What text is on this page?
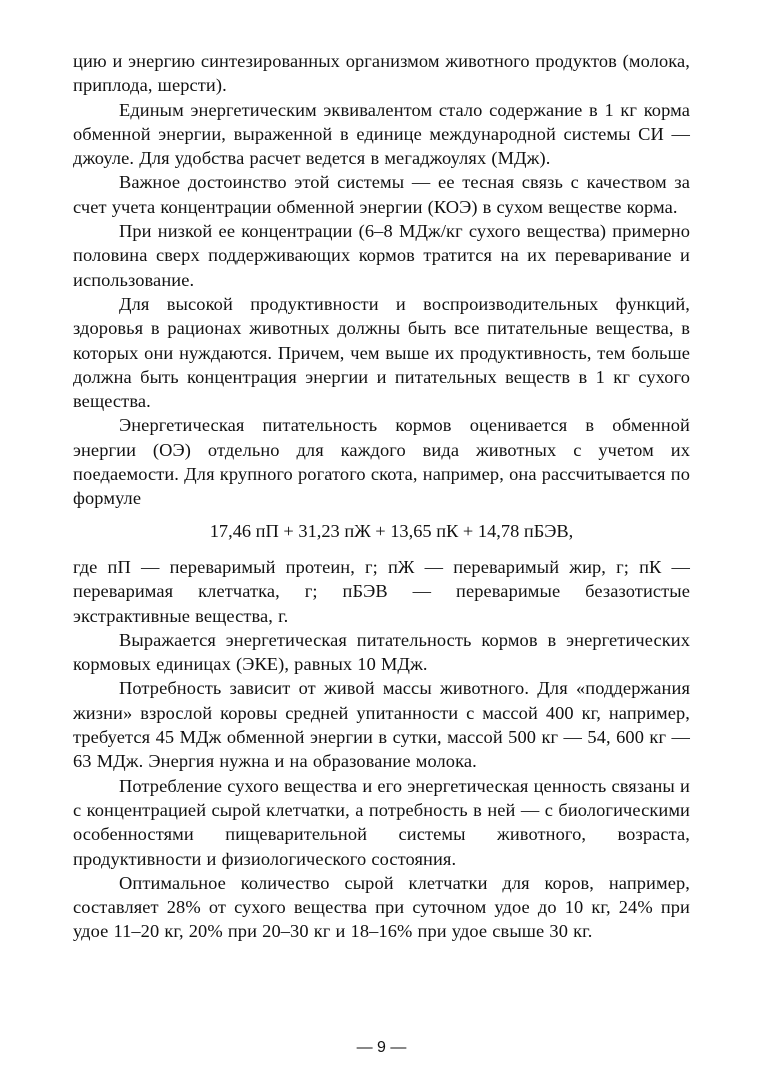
цию и энергию синтезированных организмом животного продуктов (молока, приплода, шерсти).

Единым энергетическим эквивалентом стало содержание в 1 кг корма обменной энергии, выраженной в единице международной системы СИ — джоуле. Для удобства расчет ведется в мегаджоулях (МДж).

Важное достоинство этой системы — ее тесная связь с качеством за счет учета концентрации обменной энергии (КОЭ) в сухом веществе корма.

При низкой ее концентрации (6–8 МДж/кг сухого вещества) примерно половина сверх поддерживающих кормов тратится на их переваривание и использование.

Для высокой продуктивности и воспроизводительных функций, здоровья в рационах животных должны быть все питательные вещества, в которых они нуждаются. Причем, чем выше их продуктивность, тем больше должна быть концентрация энергии и питательных веществ в 1 кг сухого вещества.

Энергетическая питательность кормов оценивается в обменной энергии (ОЭ) отдельно для каждого вида животных с учетом их поедаемости. Для крупного рогатого скота, например, она рассчитывается по формуле

17,46 пП + 31,23 пЖ + 13,65 пК + 14,78 пБЭВ,

где пП — переваримый протеин, г; пЖ — переваримый жир, г; пК — переваримая клетчатка, г; пБЭВ — переваримые безазотистые экстрактивные вещества, г.

Выражается энергетическая питательность кормов в энергетических кормовых единицах (ЭКЕ), равных 10 МДж.

Потребность зависит от живой массы животного. Для «поддержания жизни» взрослой коровы средней упитанности с массой 400 кг, например, требуется 45 МДж обменной энергии в сутки, массой 500 кг — 54, 600 кг — 63 МДж. Энергия нужна и на образование молока.

Потребление сухого вещества и его энергетическая ценность связаны и с концентрацией сырой клетчатки, а потребность в ней — с биологическими особенностями пищеварительной системы животного, возраста, продуктивности и физиологического состояния.

Оптимальное количество сырой клетчатки для коров, например, составляет 28% от сухого вещества при суточном удое до 10 кг, 24% при удое 11–20 кг, 20% при 20–30 кг и 18–16% при удое свыше 30 кг.

— 9 —
